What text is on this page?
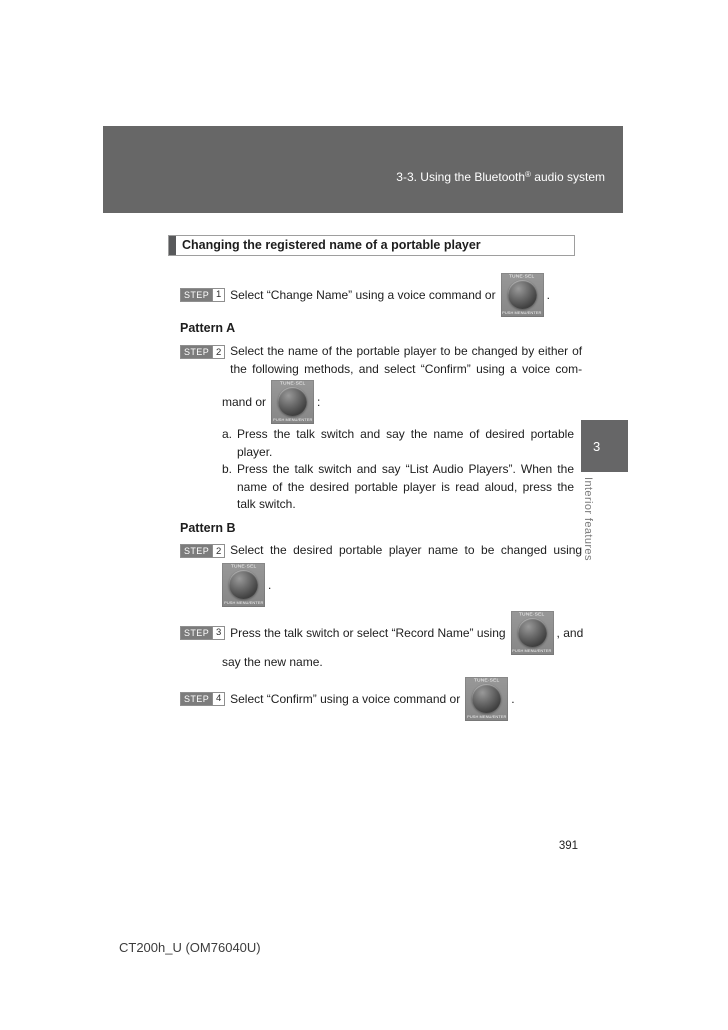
3-3. Using the Bluetooth® audio system
Changing the registered name of a portable player
STEP 1 Select “Change Name” using a voice command or
TUNE·SEL
PUSH MENU/ENTER
.
Pattern A
STEP 2 Select the name of the portable player to be changed by either of
the following methods, and select “Confirm” using a voice com-
mand or
TUNE·SEL
PUSH MENU/ENTER
:
a. Press the talk switch and say the name of desired portable
player.
b. Press the talk switch and say “List Audio Players”. When the
name of the desired portable player is read aloud, press the
talk switch.
Pattern B
STEP 2 Select the desired portable player name to be changed using
TUNE·SEL
PUSH MENU/ENTER
.
STEP 3 Press the talk switch or select “Record Name” using
TUNE·SEL
PUSH MENU/ENTER
, and
say the new name.
STEP 4 Select “Confirm” using a voice command or
TUNE·SEL
PUSH MENU/ENTER
.
3
Interior features
391
CT200h_U (OM76040U)
